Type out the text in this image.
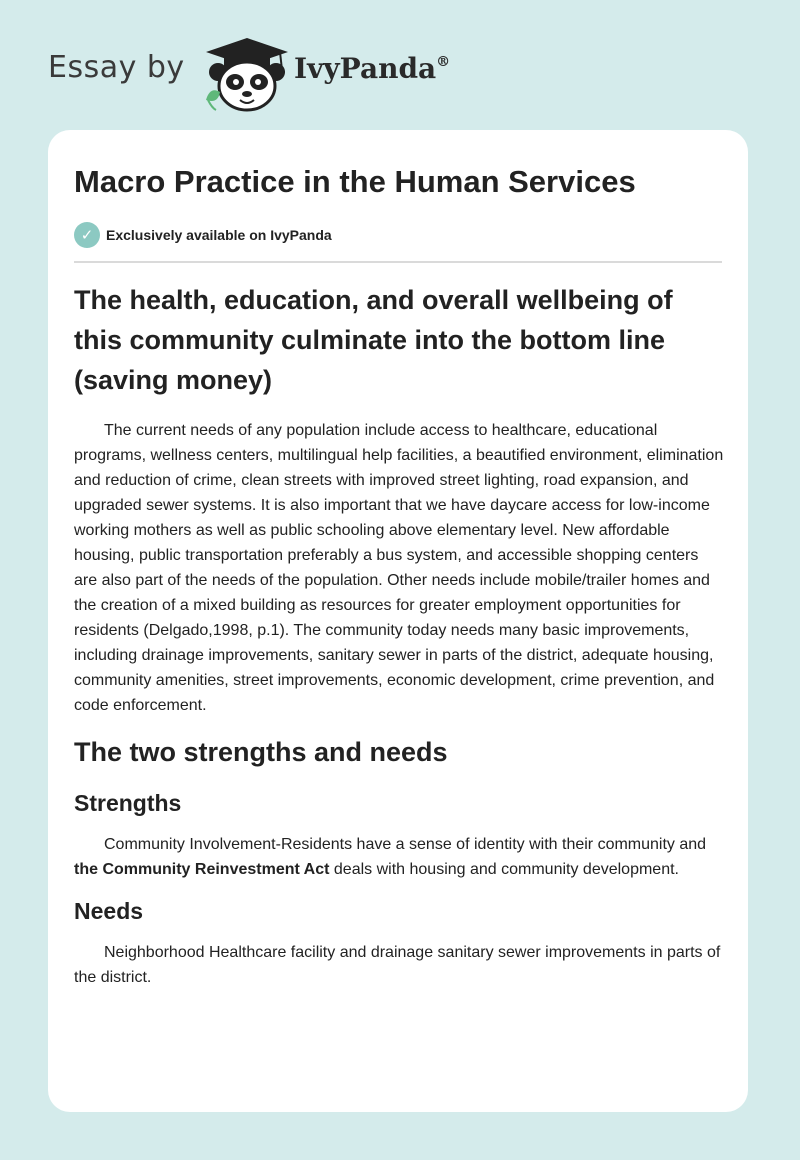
Essay by	IvyPanda®
Macro Practice in the Human Services
✓ Exclusively available on IvyPanda
The health, education, and overall wellbeing of this community culminate into the bottom line (saving money)

The current needs of any population include access to healthcare, educational programs, wellness centers, multilingual help facilities, a beautified environment, elimination and reduction of crime, clean streets with improved street lighting, road expansion, and upgraded sewer systems. It is also important that we have daycare access for low-income working mothers as well as public schooling above elementary level. New affordable housing, public transportation preferably a bus system, and accessible shopping centers are also part of the needs of the population. Other needs include mobile/trailer homes and the creation of a mixed building as resources for greater employment opportunities for residents (Delgado,1998, p.1). The community today needs many basic improvements, including drainage improvements, sanitary sewer in parts of the district, adequate housing, community amenities, street improvements, economic development, crime prevention, and code enforcement.

The two strengths and needs
Strengths

Community Involvement-Residents have a sense of identity with their community and the Community Reinvestment Act deals with housing and community development.

Needs

Neighborhood Healthcare facility and drainage sanitary sewer improvements in parts of the district.
